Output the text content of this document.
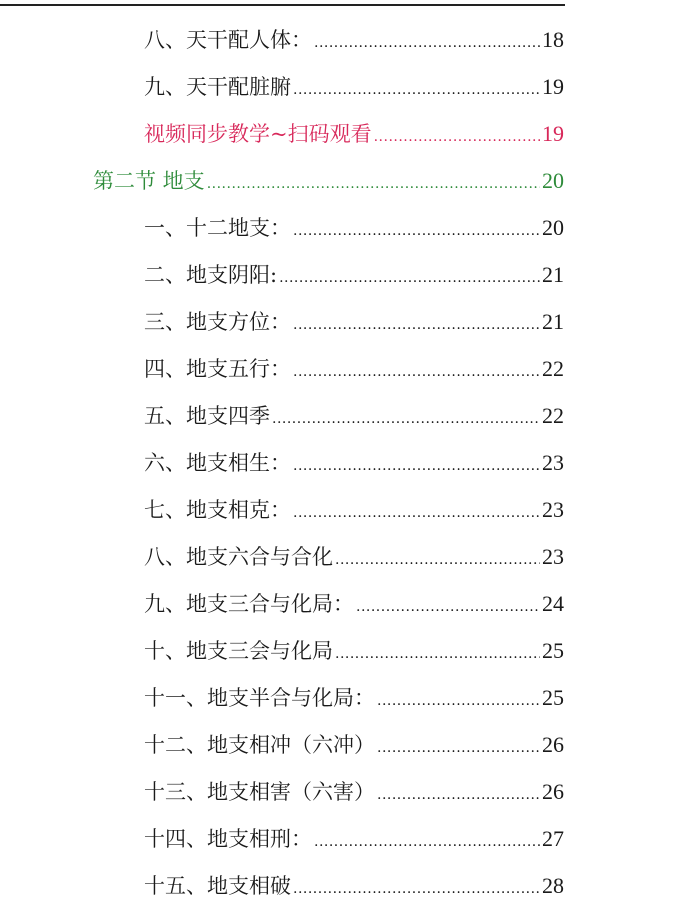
八、天干配人体： .....	18
九、天干配脏腑 .....	19
视频同步教学~扫码观看 .....	19
第二节 地支 .....	20
一、十二地支： .....	20
二、地支阴阳: .....	21
三、地支方位： .....	21
四、地支五行： .....	22
五、地支四季 .....	22
六、地支相生： .....	23
七、地支相克： .....	23
八、地支六合与合化 .....	23
九、地支三合与化局： .....	24
十、地支三会与化局 .....	25
十一、地支半合与化局： .....	25
十二、地支相冲（六冲） .....	26
十三、地支相害（六害） .....	26
十四、地支相刑： .....	27
十五、地支相破 .....	28
